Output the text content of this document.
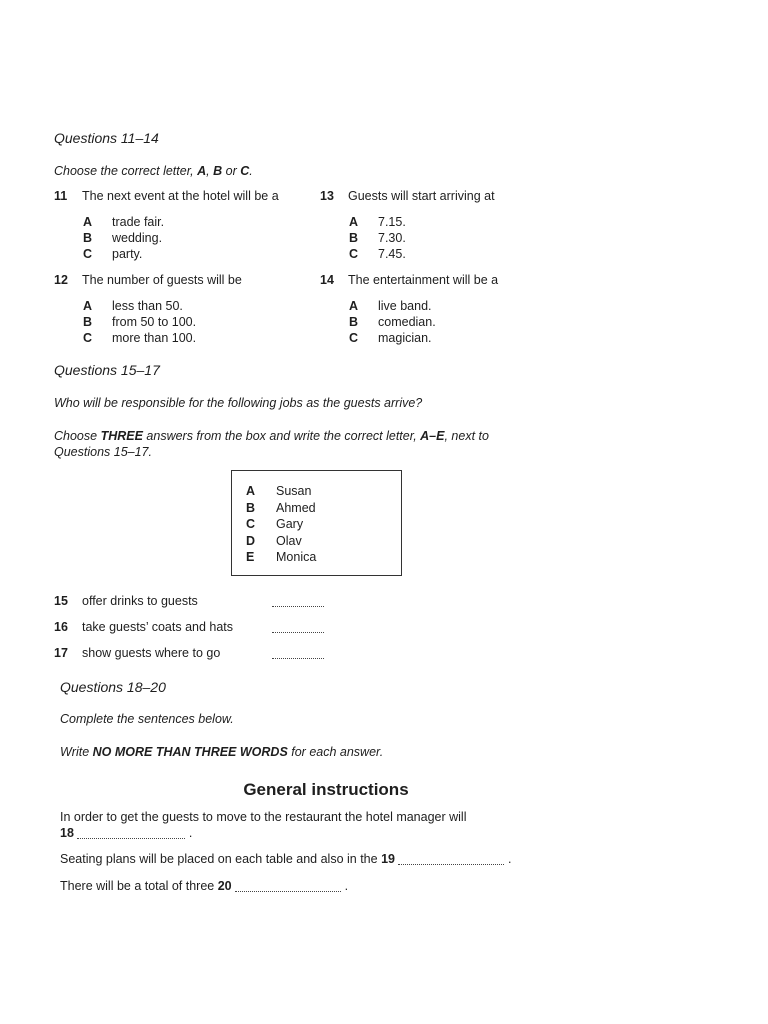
Questions 11–14
Choose the correct letter, A, B or C.
11 The next event at the hotel will be a
A trade fair.
B wedding.
C party.
12 The number of guests will be
A less than 50.
B from 50 to 100.
C more than 100.
13 Guests will start arriving at
A 7.15.
B 7.30.
C 7.45.
14 The entertainment will be a
A live band.
B comedian.
C magician.
Questions 15–17
Who will be responsible for the following jobs as the guests arrive?
Choose THREE answers from the box and write the correct letter, A–E, next to
Questions 15–17.
A Susan
B Ahmed
C Gary
D Olav
E Monica
15 offer drinks to guests
16 take guests’ coats and hats
17 show guests where to go
Questions 18–20
Complete the sentences below.
Write NO MORE THAN THREE WORDS for each answer.
General instructions
In order to get the guests to move to the restaurant the hotel manager will
18	.
Seating plans will be placed on each table and also in the 19	.
There will be a total of three 20	.
